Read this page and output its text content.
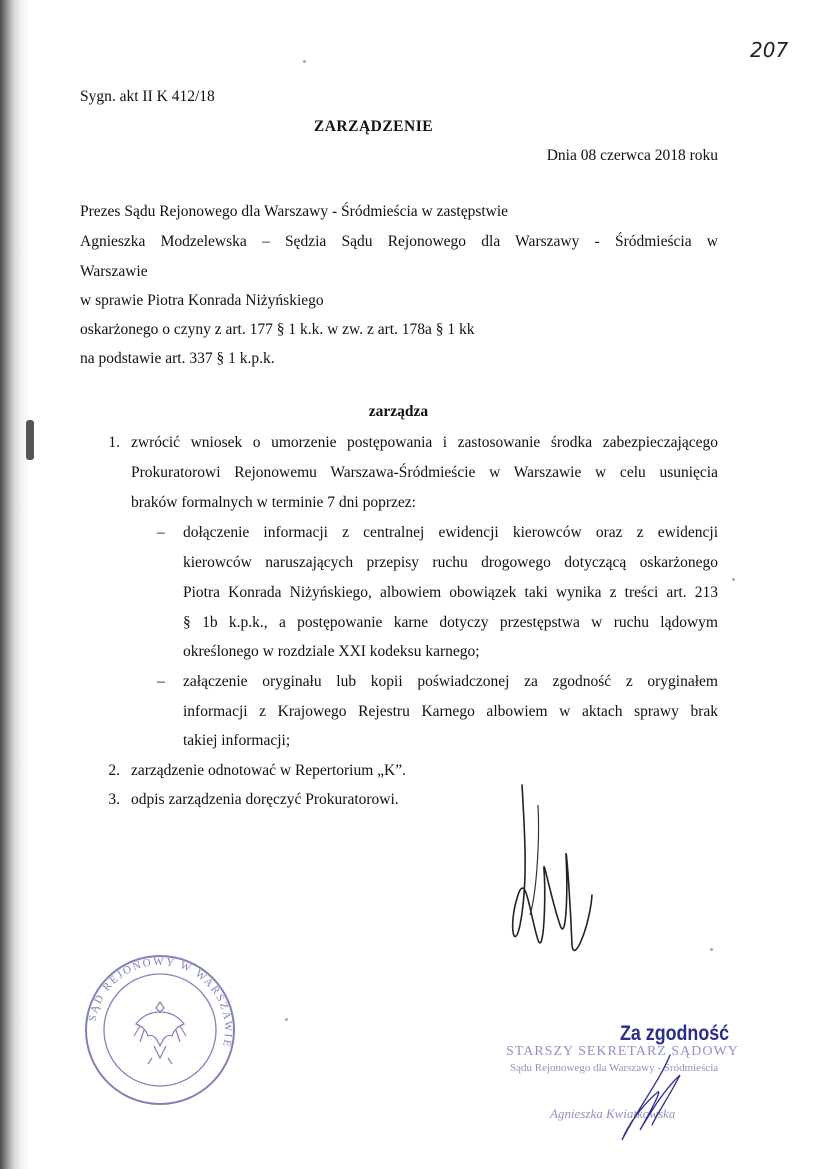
207
Sygn. akt II K 412/18
ZARZĄDZENIE
Dnia 08 czerwca 2018 roku
Prezes Sądu Rejonowego dla Warszawy - Śródmieścia w zastępstwie
Agnieszka Modzelewska – Sędzia Sądu Rejonowego dla Warszawy - Śródmieścia w
Warszawie
w sprawie Piotra Konrada Niżyńskiego
oskarżonego o czyny z art. 177 § 1 k.k. w zw. z art. 178a § 1 kk
na podstawie art. 337 § 1 k.p.k.
zarządza
1. zwrócić wniosek o umorzenie postępowania i zastosowanie środka zabezpieczającego
Prokuratorowi Rejonowemu Warszawa-Śródmieście w Warszawie w celu usunięcia
braków formalnych w terminie 7 dni poprzez:
– dołączenie informacji z centralnej ewidencji kierowców oraz z ewidencji
kierowców naruszających przepisy ruchu drogowego dotyczącą oskarżonego
Piotra Konrada Niżyńskiego, albowiem obowiązek taki wynika z treści art. 213
§ 1b k.p.k., a postępowanie karne dotyczy przestępstwa w ruchu lądowym
określonego w rozdziale XXI kodeksu karnego;
– załączenie oryginału lub kopii poświadczonej za zgodność z oryginałem
informacji z Krajowego Rejestru Karnego albowiem w aktach sprawy brak
takiej informacji;
2. zarządzenie odnotować w Repertorium „K”.
3. odpis zarządzenia doręczyć Prokuratorowi.
SĄD REJONOWY W WARSZAWIE	Za zgodność
STARSZY SEKRETARZ SĄDOWY
Sądu Rejonowego dla Warszawy - Śródmieścia
Agnieszka Kwiatkowska
